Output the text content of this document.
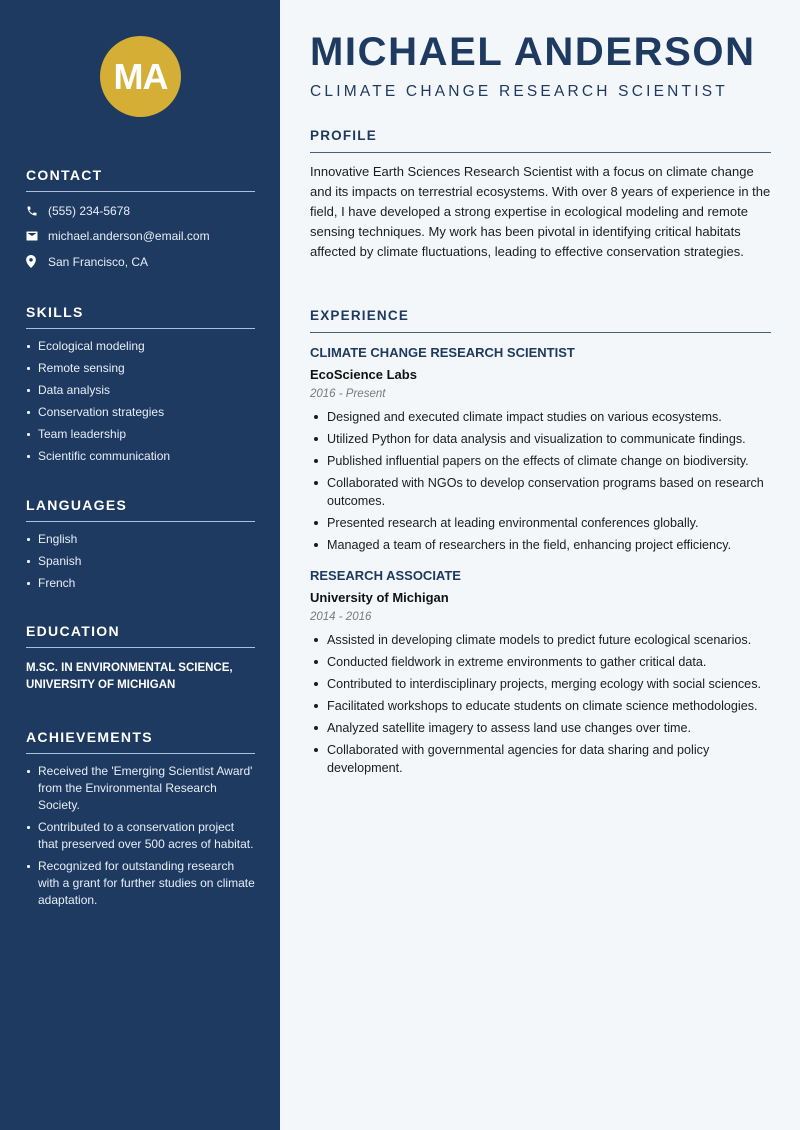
MA
CONTACT
(555) 234-5678
michael.anderson@email.com
San Francisco, CA
SKILLS
Ecological modeling
Remote sensing
Data analysis
Conservation strategies
Team leadership
Scientific communication
LANGUAGES
English
Spanish
French
EDUCATION

M.SC. IN ENVIRONMENTAL SCIENCE, UNIVERSITY OF MICHIGAN

ACHIEVEMENTS
Received the 'Emerging Scientist Award' from the Environmental Research Society.
Contributed to a conservation project that preserved over 500 acres of habitat.
Recognized for outstanding research with a grant for further studies on climate adaptation.
MICHAEL ANDERSON
CLIMATE CHANGE RESEARCH SCIENTIST
PROFILE

Innovative Earth Sciences Research Scientist with a focus on climate change and its impacts on terrestrial ecosystems. With over 8 years of experience in the field, I have developed a strong expertise in ecological modeling and remote sensing techniques. My work has been pivotal in identifying critical habitats affected by climate fluctuations, leading to effective conservation strategies.

EXPERIENCE
CLIMATE CHANGE RESEARCH SCIENTIST
EcoScience Labs
2016 - Present
Designed and executed climate impact studies on various ecosystems.
Utilized Python for data analysis and visualization to communicate findings.
Published influential papers on the effects of climate change on biodiversity.
Collaborated with NGOs to develop conservation programs based on research outcomes.
Presented research at leading environmental conferences globally.
Managed a team of researchers in the field, enhancing project efficiency.
RESEARCH ASSOCIATE
University of Michigan
2014 - 2016
Assisted in developing climate models to predict future ecological scenarios.
Conducted fieldwork in extreme environments to gather critical data.
Contributed to interdisciplinary projects, merging ecology with social sciences.
Facilitated workshops to educate students on climate science methodologies.
Analyzed satellite imagery to assess land use changes over time.
Collaborated with governmental agencies for data sharing and policy development.
